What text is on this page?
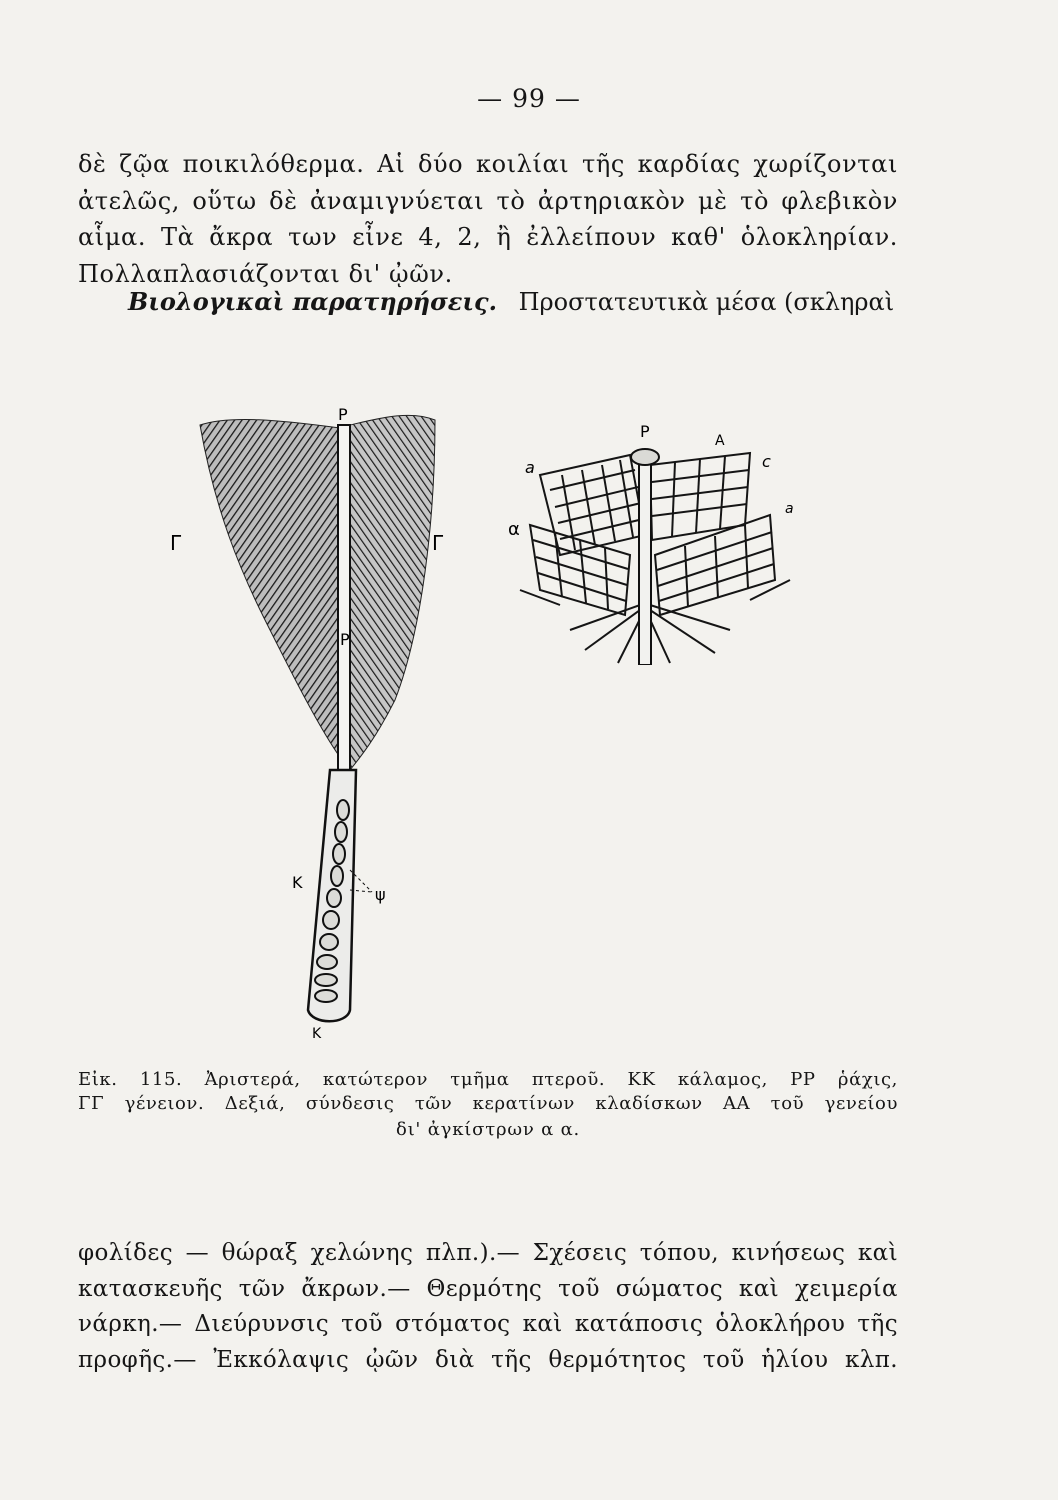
— 99 —
δὲ ζῷα ποικιλόθερμα. Αἱ δύο κοιλίαι τῆς καρδίας χωρίζονται
ἀτελῶς, οὕτω δὲ ἀναμιγνύεται τὸ ἀρτηριακὸν μὲ τὸ φλεβικὸν
αἷμα. Τὰ ἄκρα των εἶνε 4, 2, ἢ ἐλλείπουν καθ' ὁλοκληρίαν.
Πολλαπλασιάζονται δι' ᾠῶν.
Βιολογικαὶ παρατηρήσεις. Προστατευτικὰ μέσα (σκληραὶ
P
Γ	Γ
P
K
ψ
K
P	A
a	c
α
a
Εἰκ. 115. Ἀριστερά, κατώτερον τμῆμα πτεροῦ. ΚΚ κάλαμος, ΡΡ ῥάχις,
ΓΓ γένειον. Δεξιά, σύνδεσις τῶν κερατίνων κλαδίσκων ΑΑ τοῦ γενείου
δι' ἀγκίστρων α α.
φολίδες — θώραξ χελώνης πλπ.).— Σχέσεις τόπου, κινήσεως καὶ
κατασκευῆς τῶν ἄκρων.— Θερμότης τοῦ σώματος καὶ χειμερία
νάρκη.— Διεύρυνσις τοῦ στόματος καὶ κατάποσις ὁλοκλήρου τῆς
προφῆς.— Ἐκκόλαψις ᾠῶν διὰ τῆς θερμότητος τοῦ ἡλίου κλπ.
